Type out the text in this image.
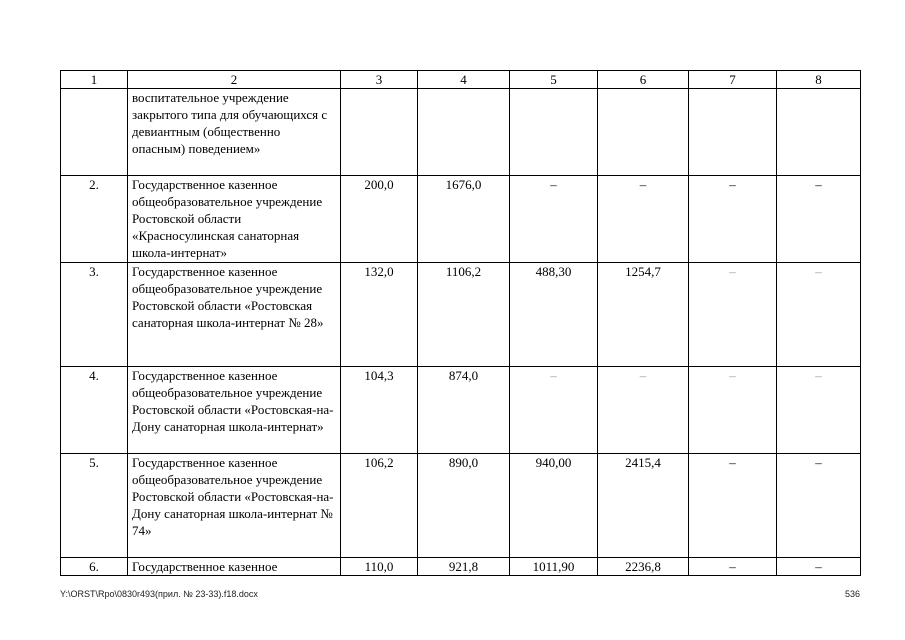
1	2	3	4	5	6	7	8
	воспитательное учреждение закрытого типа для обучающихся с девиантным (общественно опасным) поведением»						
2.	Государственное казенное общеобразовательное учреждение Ростовской области «Красносулинская санаторная школа-интернат»	200,0	1676,0	–	–	–	–
3.	Государственное казенное общеобразовательное учреждение Ростовской области «Ростовская санаторная школа-интернат № 28»	132,0	1106,2	488,30	1254,7	–	–
4.	Государственное казенное общеобразовательное учреждение Ростовской области «Ростовская-на-Дону санаторная школа-интернат»	104,3	874,0	–	–	–	–
5.	Государственное казенное общеобразовательное учреждение Ростовской области «Ростовская-на-Дону санаторная школа-интернат № 74»	106,2	890,0	940,00	2415,4	–	–
6.	Государственное казенное	110,0	921,8	1011,90	2236,8	–	–
Y:\ORST\Rpo\0830r493(прил. № 23-33).f18.docx	536
